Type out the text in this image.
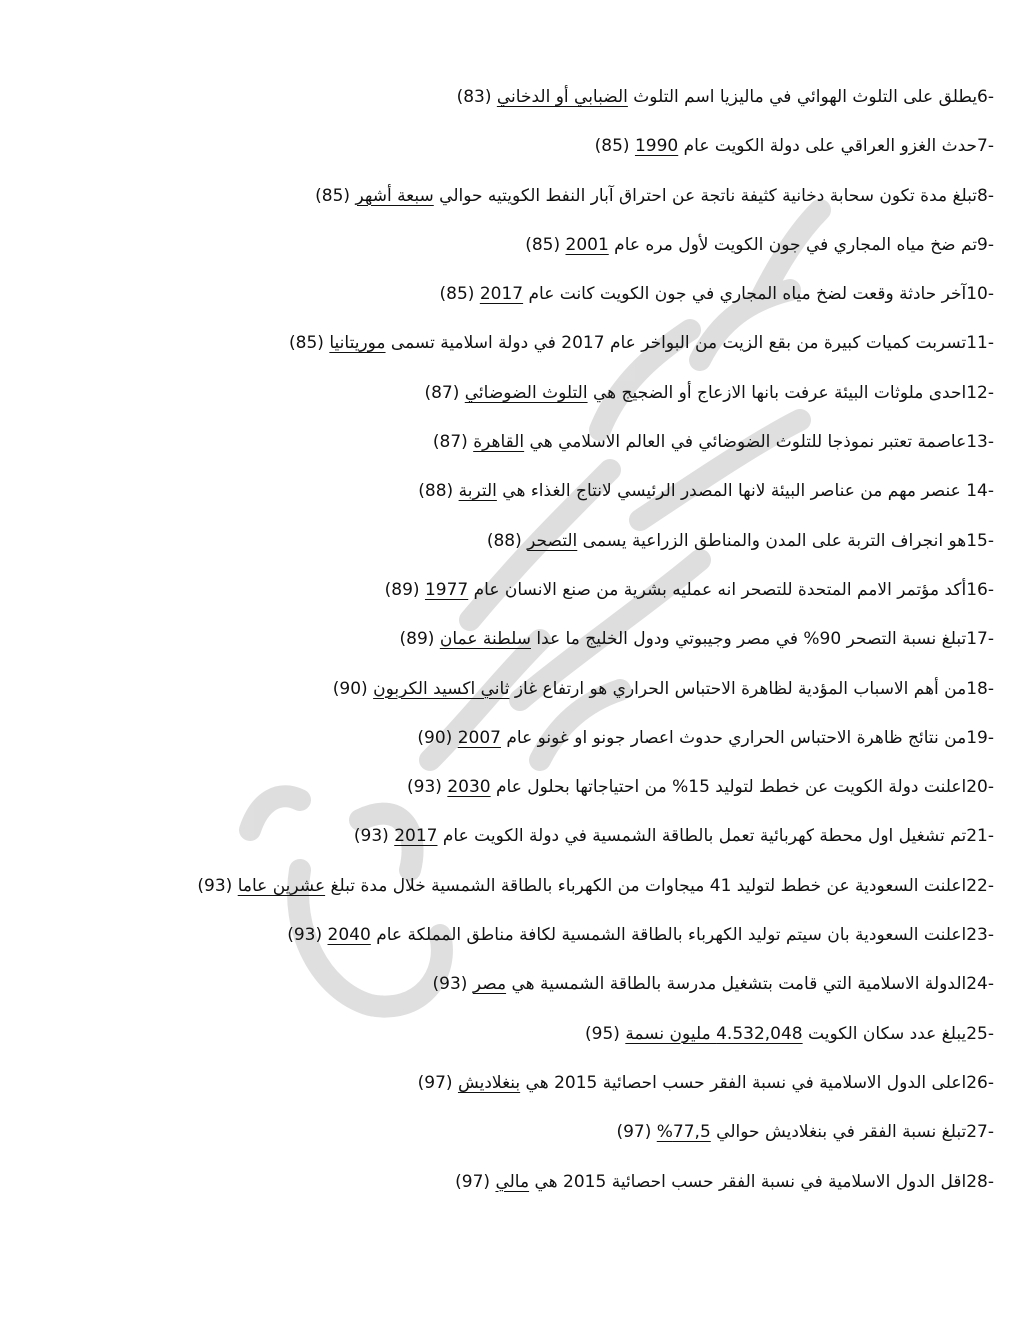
6-يطلق على التلوث الهوائي في ماليزيا اسم التلوث الضبابي أو الدخاني (83)
7-حدث الغزو العراقي على دولة الكويت عام 1990 (85)
8-تبلغ مدة تكون سحابة دخانية كثيفة ناتجة عن احتراق آبار النفط الكويتيه حوالي سبعة أشهر (85)
9-تم ضخ مياه المجاري في جون الكويت لأول مره عام 2001 (85)
10-آخر حادثة وقعت لضخ مياه المجاري في جون الكويت كانت عام 2017 (85)
11-تسربت كميات كبيرة من بقع الزيت من البواخر عام 2017 في دولة اسلامية تسمى موريتانيا (85)
12-احدى ملوثات البيئة عرفت بانها الازعاج أو الضجيج هي التلوث الضوضائي (87)
13-عاصمة تعتبر نموذجا للتلوث الضوضائي في العالم الاسلامي هي القاهرة (87)
14- عنصر مهم من عناصر البيئة لانها المصدر الرئيسي لانتاج الغذاء هي التربة (88)
15-هو انجراف التربة على المدن والمناطق الزراعية يسمى التصحر (88)
16-أكد مؤتمر الامم المتحدة للتصحر انه عمليه بشرية من صنع الانسان عام 1977 (89)
17-تبلغ نسبة التصحر 90% في مصر وجيبوتي ودول الخليج ما عدا سلطنة عمان (89)
18-من أهم الاسباب المؤدية لظاهرة الاحتباس الحراري هو ارتفاع غاز ثاني اكسيد الكربون (90)
19-من نتائج ظاهرة الاحتباس الحراري حدوث اعصار جونو او غونو عام 2007 (90)
20-اعلنت دولة الكويت عن خطط لتوليد 15% من احتياجاتها بحلول عام 2030 (93)
21-تم تشغيل اول محطة كهربائية تعمل بالطاقة الشمسية في دولة الكويت عام 2017 (93)
22-اعلنت السعودية عن خطط لتوليد 41 ميجاوات من الكهرباء بالطاقة الشمسية خلال مدة تبلغ عشرين عاما (93)
23-اعلنت السعودية بان سيتم توليد الكهرباء بالطاقة الشمسية لكافة مناطق المملكة عام 2040 (93)
24-الدولة الاسلامية التي قامت بتشغيل مدرسة بالطاقة الشمسية هي مصر (93)
25-يبلغ عدد سكان الكويت 4.532,048 مليون نسمة (95)
26-اعلى الدول الاسلامية في نسبة الفقر حسب احصائية 2015 هي بنغلاديش (97)
27-تبلغ نسبة الفقر في بنغلاديش حوالي 77,5% (97)
28-اقل الدول الاسلامية في نسبة الفقر حسب احصائية 2015 هي مالي (97)
